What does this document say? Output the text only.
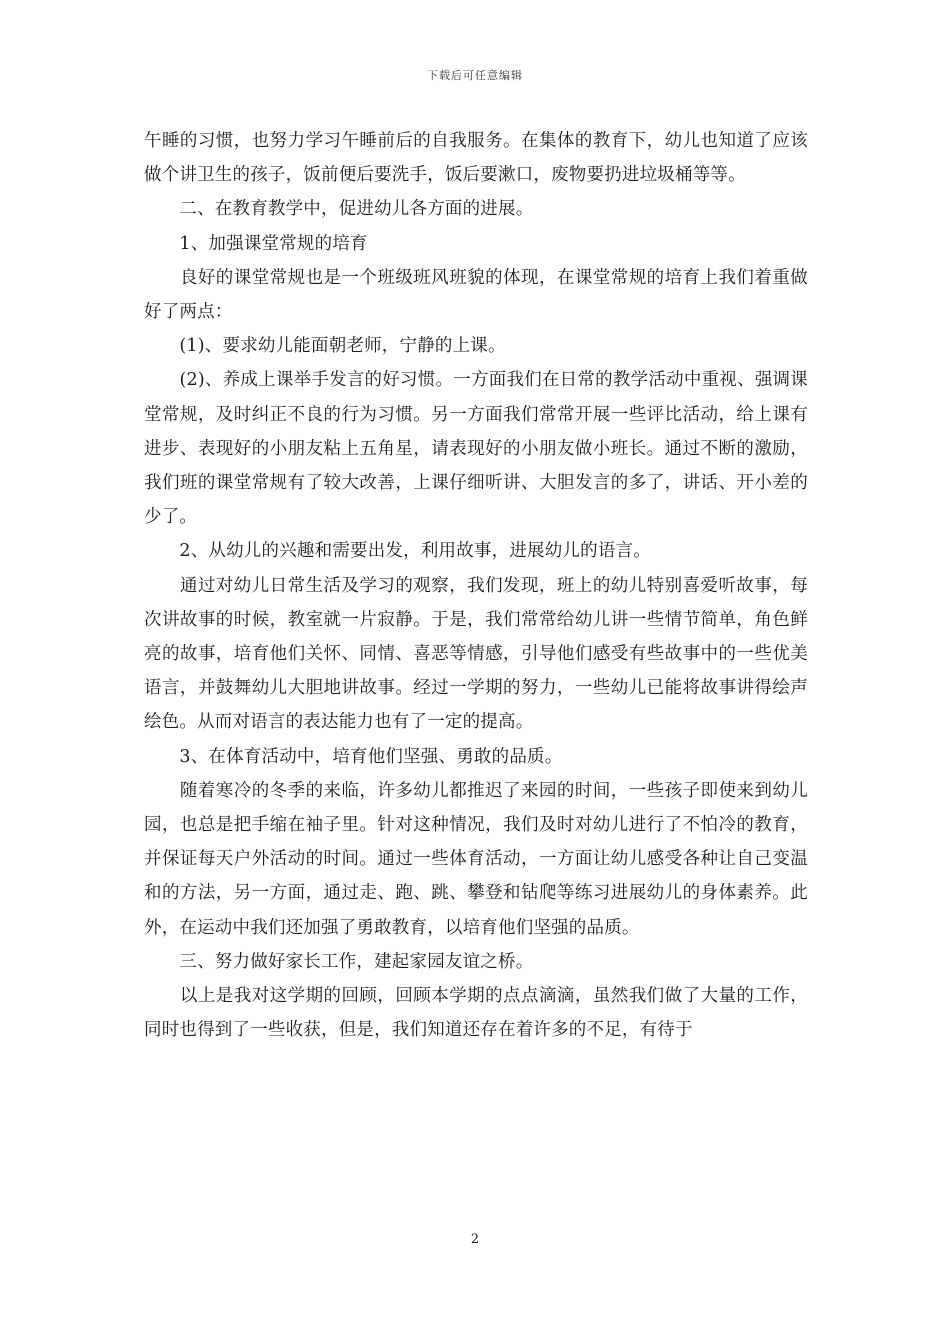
下载后可任意编辑

午睡的习惯，也努力学习午睡前后的自我服务。在集体的教育下，幼儿也知道了应该做个讲卫生的孩子，饭前便后要洗手，饭后要漱口，废物要扔进垃圾桶等等。

　　二、在教育教学中，促进幼儿各方面的进展。

　　1、加强课堂常规的培育

　　良好的课堂常规也是一个班级班风班貌的体现，在课堂常规的培育上我们着重做好了两点：

　　(1)、要求幼儿能面朝老师，宁静的上课。

　　(2)、养成上课举手发言的好习惯。一方面我们在日常的教学活动中重视、强调课堂常规，及时纠正不良的行为习惯。另一方面我们常常开展一些评比活动，给上课有进步、表现好的小朋友粘上五角星，请表现好的小朋友做小班长。通过不断的激励，我们班的课堂常规有了较大改善，上课仔细听讲、大胆发言的多了，讲话、开小差的少了。

　　2、从幼儿的兴趣和需要出发，利用故事，进展幼儿的语言。

　　通过对幼儿日常生活及学习的观察，我们发现，班上的幼儿特别喜爱听故事，每次讲故事的时候，教室就一片寂静。于是，我们常常给幼儿讲一些情节简单，角色鲜亮的故事，培育他们关怀、同情、喜恶等情感，引导他们感受有些故事中的一些优美语言，并鼓舞幼儿大胆地讲故事。经过一学期的努力，一些幼儿已能将故事讲得绘声绘色。从而对语言的表达能力也有了一定的提高。

　　3、在体育活动中，培育他们坚强、勇敢的品质。

　　随着寒冷的冬季的来临，许多幼儿都推迟了来园的时间，一些孩子即使来到幼儿园，也总是把手缩在袖子里。针对这种情况，我们及时对幼儿进行了不怕冷的教育，并保证每天户外活动的时间。通过一些体育活动，一方面让幼儿感受各种让自己变温和的方法，另一方面，通过走、跑、跳、攀登和钻爬等练习进展幼儿的身体素养。此外，在运动中我们还加强了勇敢教育，以培育他们坚强的品质。

　　三、努力做好家长工作，建起家园友谊之桥。

　　以上是我对这学期的回顾，回顾本学期的点点滴滴，虽然我们做了大量的工作，同时也得到了一些收获，但是，我们知道还存在着许多的不足，有待于

2
